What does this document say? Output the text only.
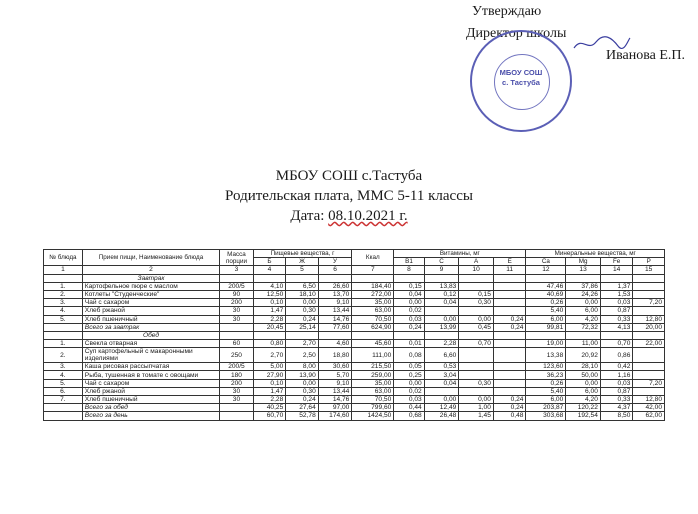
Утверждаю
Директор школы
Иванова Е.П.
МБОУ СОШ
с. Тастуба
МБОУ СОШ с.Тастуба
Родительская плата, ММС 5-11 классы
Дата: 08.10.2021 г.
№ блюда	Прием пищи, Наименование блюда	Масса порции	Пищевые вещества, г			Ккал	Витамины, мг				Минеральные вещества, мг			
			Б	Ж	У		В1	С	А	Е	Ca	Mg	Fe	P
1	2	3	4	5	6	7	8	9	10	11	12	13	14	15
	Завтрак													
1.	Картофельное пюре с маслом	200/5	4,10	6,50	26,60	184,40	0,15	13,83			47,46	37,86	1,37	
2.	Котлеты "Студенческие"	90	12,50	18,10	13,70	272,00	0,04	0,12	0,15		40,69	24,26	1,53	
3.	Чай с сахаром	200	0,10	0,00	9,10	35,00	0,00	0,04	0,30		0,26	0,00	0,03	7,20
4.	Хлеб ржаной	30	1,47	0,30	13,44	63,00	0,02				5,40	6,00	0,87	
5.	Хлеб пшеничный	30	2,28	0,24	14,76	70,50	0,03	0,00	0,00	0,24	6,00	4,20	0,33	12,80
	Всего за завтрак		20,45	25,14	77,60	624,90	0,24	13,99	0,45	0,24	99,81	72,32	4,13	20,00
	Обед													
1.	Свекла отварная	60	0,80	2,70	4,60	45,60	0,01	2,28	0,70		19,00	11,00	0,70	22,00
2.	Суп картофельный с макаронными изделиями	250	2,70	2,50	18,80	111,00	0,08	6,60			13,38	20,92	0,86	
3.	Каша рисовая рассыпчатая	200/5	5,00	8,00	30,60	215,50	0,05	0,53			123,60	28,10	0,42	
4.	Рыба, тушенная в томате с овощами	180	27,90	13,90	5,70	259,00	0,25	3,04			36,23	50,00	1,16	
5.	Чай с сахаром	200	0,10	0,00	9,10	35,00	0,00	0,04	0,30		0,26	0,00	0,03	7,20
6.	Хлеб ржаной	30	1,47	0,30	13,44	63,00	0,02				5,40	6,00	0,87	
7.	Хлеб пшеничный	30	2,28	0,24	14,76	70,50	0,03	0,00	0,00	0,24	6,00	4,20	0,33	12,80
	Всего за обед		40,25	27,64	97,00	799,60	0,44	12,49	1,00	0,24	203,87	120,22	4,37	42,00
	Всего за день		60,70	52,78	174,60	1424,50	0,68	26,48	1,45	0,48	303,68	192,54	8,50	62,00
